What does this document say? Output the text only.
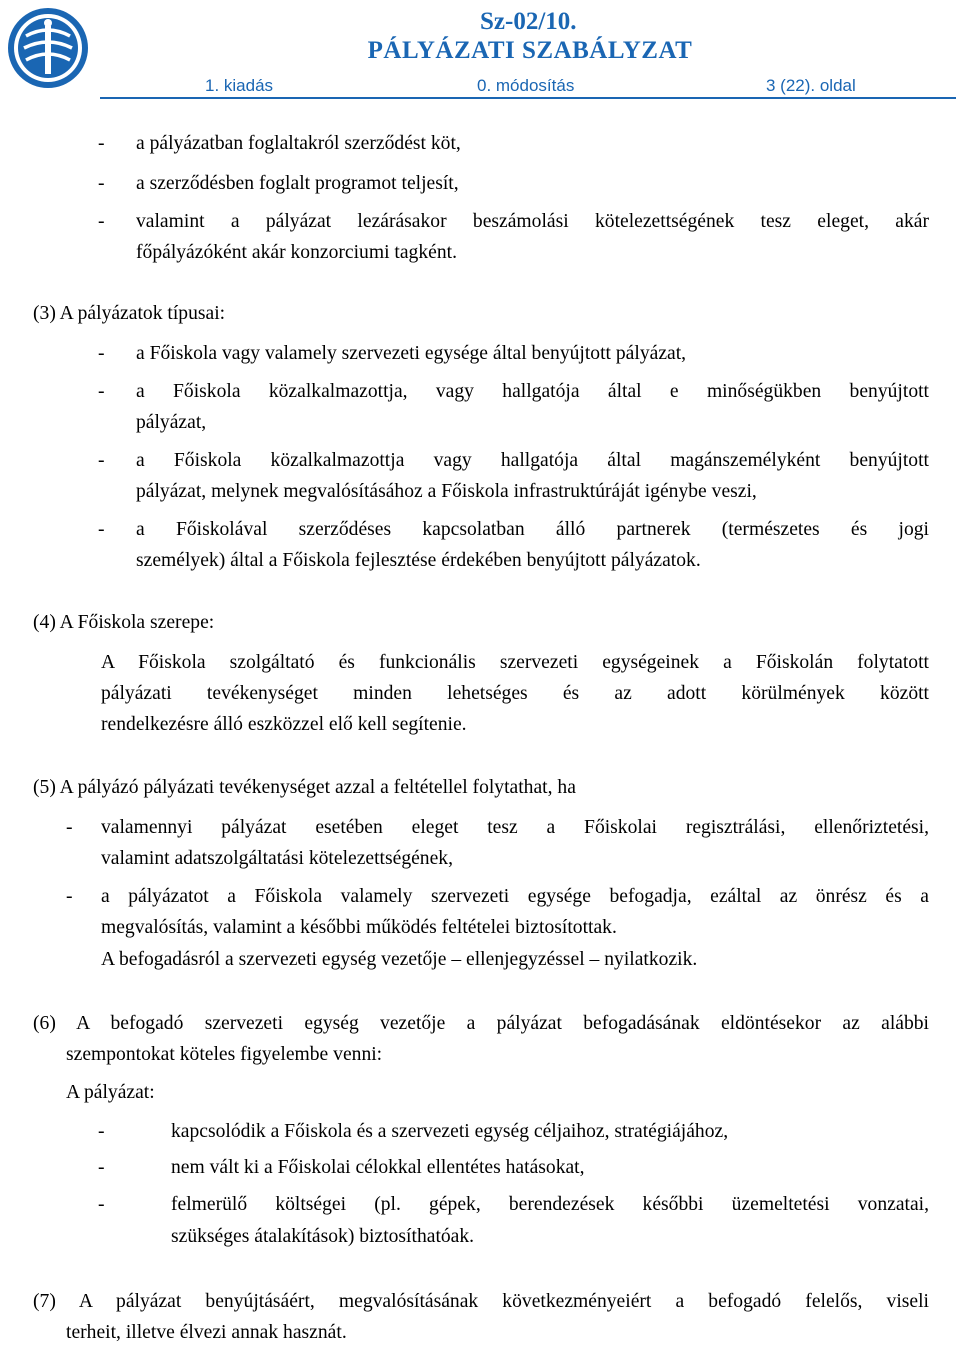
Sz-02/10.
PÁLYÁZATI SZABÁLYZAT
1. kiadás	0. módosítás	3 (22). oldal
- a pályázatban foglaltakról szerződést köt,
- a szerződésben foglalt programot teljesít,
- valamint a pályázat lezárásakor beszámolási kötelezettségének tesz eleget, akár
főpályázóként akár konzorciumi tagként.
(3) A pályázatok típusai:
- a Főiskola vagy valamely szervezeti egysége által benyújtott pályázat,
- a Főiskola közalkalmazottja, vagy hallgatója által e minőségükben benyújtott
pályázat,
- a Főiskola közalkalmazottja vagy hallgatója által magánszemélyként benyújtott
pályázat, melynek megvalósításához a Főiskola infrastruktúráját igénybe veszi,
- a Főiskolával szerződéses kapcsolatban álló partnerek (természetes és jogi
személyek) által a Főiskola fejlesztése érdekében benyújtott pályázatok.
(4) A Főiskola szerepe:
A Főiskola szolgáltató és funkcionális szervezeti egységeinek a Főiskolán folytatott
pályázati tevékenységet minden lehetséges és az adott körülmények között
rendelkezésre álló eszközzel elő kell segítenie.
(5) A pályázó pályázati tevékenységet azzal a feltétellel folytathat, ha
- valamennyi pályázat esetében eleget tesz a Főiskolai regisztrálási, ellenőriztetési,
valamint adatszolgáltatási kötelezettségének,
- a pályázatot a Főiskola valamely szervezeti egysége befogadja, ezáltal az önrész és a
megvalósítás, valamint a későbbi működés feltételei biztosítottak.
A befogadásról a szervezeti egység vezetője – ellenjegyzéssel – nyilatkozik.
(6) A befogadó szervezeti egység vezetője a pályázat befogadásának eldöntésekor az alábbi
szempontokat köteles figyelembe venni:
A pályázat:
-	kapcsolódik a Főiskola és a szervezeti egység céljaihoz, stratégiájához,
-	nem vált ki a Főiskolai célokkal ellentétes hatásokat,
-	felmerülő költségei (pl. gépek, berendezések későbbi üzemeltetési vonzatai,
szükséges átalakítások) biztosíthatóak.
(7) A pályázat benyújtásáért, megvalósításának következményeiért a befogadó felelős, viseli
terheit, illetve élvezi annak hasznát.
